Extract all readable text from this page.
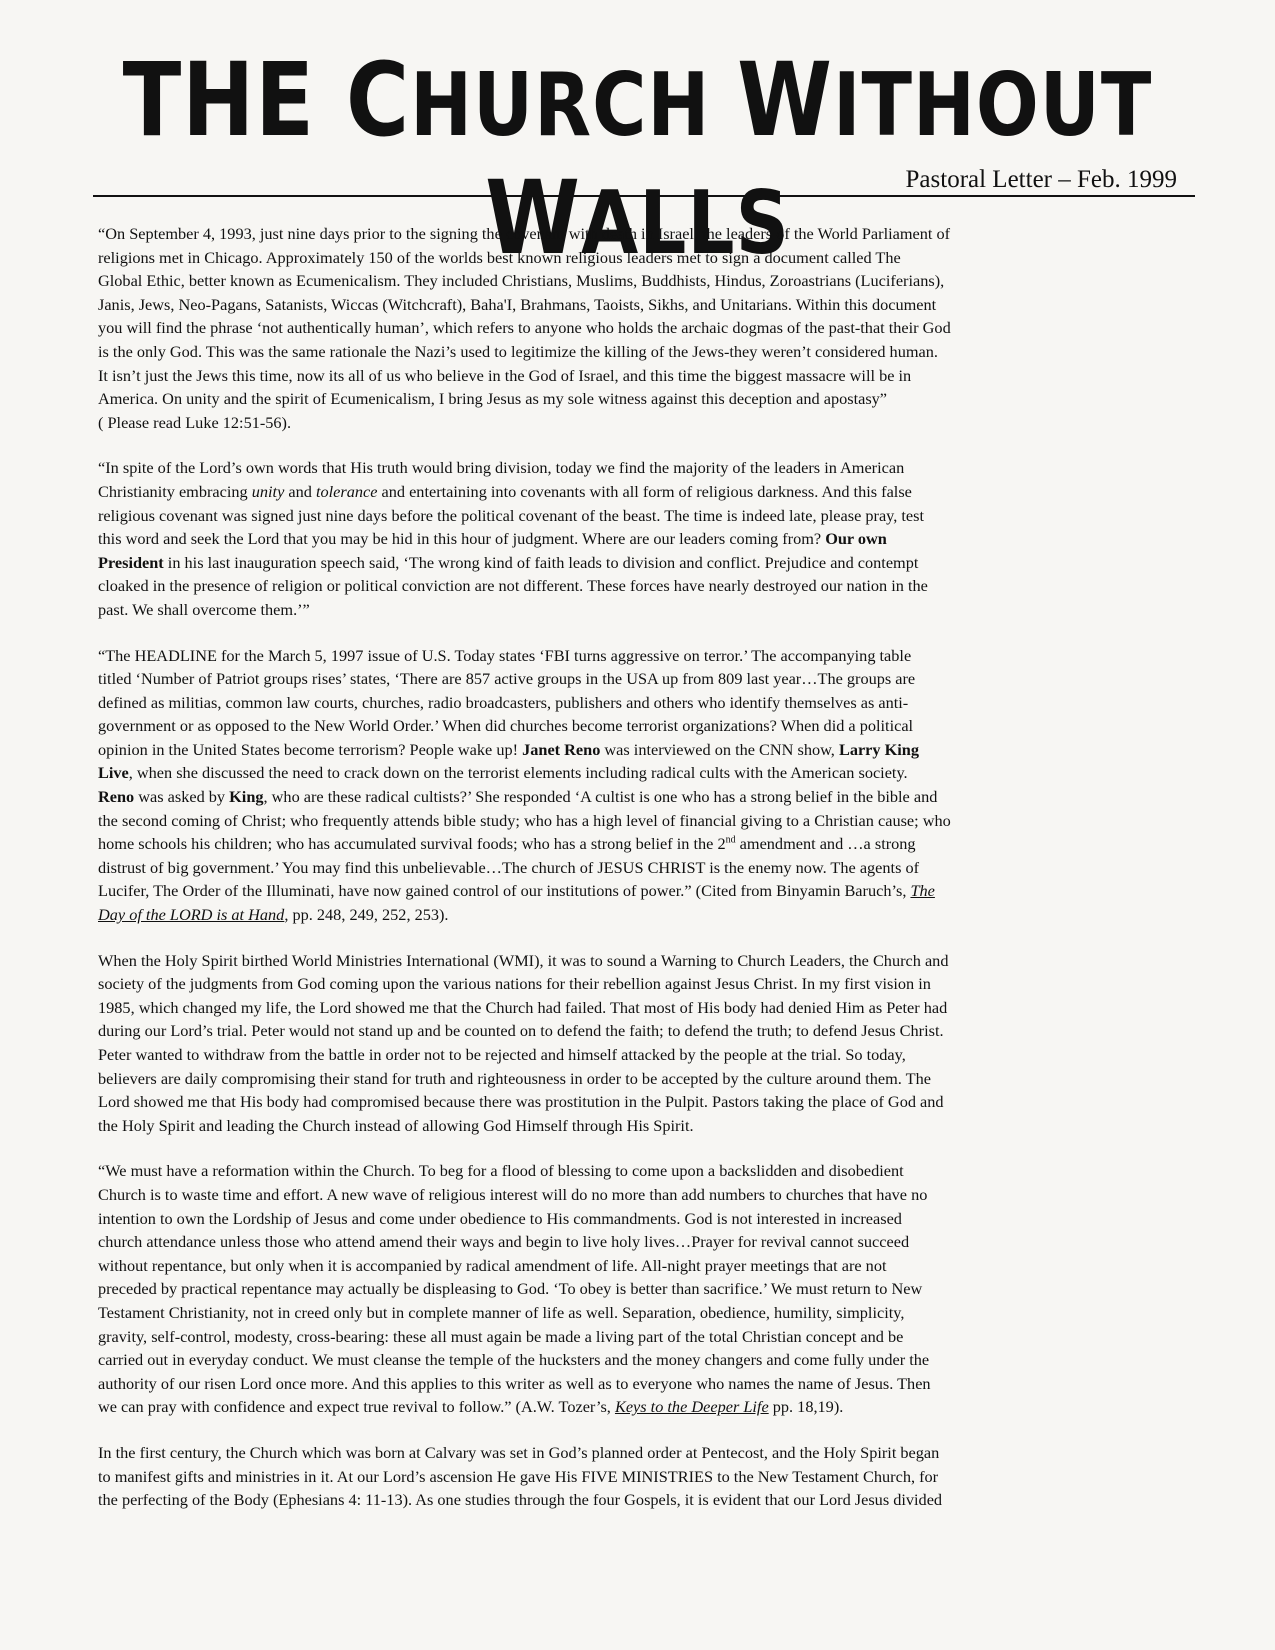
THE CHURCH WITHOUT WALLS	Pastoral Letter – Feb. 1999

“On September 4, 1993, just nine days prior to the signing the covenant with death in Israel, the leaders of the World Parliament of
religions met in Chicago. Approximately 150 of the worlds best known religious leaders met to sign a document called The
Global Ethic, better known as Ecumenicalism. They included Christians, Muslims, Buddhists, Hindus, Zoroastrians (Luciferians),
Janis, Jews, Neo-Pagans, Satanists, Wiccas (Witchcraft), Baha'I, Brahmans, Taoists, Sikhs, and Unitarians. Within this document
you will find the phrase ‘not authentically human’, which refers to anyone who holds the archaic dogmas of the past-that their God
is the only God. This was the same rationale the Nazi’s used to legitimize the killing of the Jews-they weren’t considered human.
It isn’t just the Jews this time, now its all of us who believe in the God of Israel, and this time the biggest massacre will be in
America. On unity and the spirit of Ecumenicalism, I bring Jesus as my sole witness against this deception and apostasy”
( Please read Luke 12:51-56).

“In spite of the Lord’s own words that His truth would bring division, today we find the majority of the leaders in American
Christianity embracing unity and tolerance and entertaining into covenants with all form of religious darkness. And this false
religious covenant was signed just nine days before the political covenant of the beast. The time is indeed late, please pray, test
this word and seek the Lord that you may be hid in this hour of judgment. Where are our leaders coming from? Our own
President in his last inauguration speech said, ‘The wrong kind of faith leads to division and conflict. Prejudice and contempt
cloaked in the presence of religion or political conviction are not different. These forces have nearly destroyed our nation in the
past. We shall overcome them.’”

“The HEADLINE for the March 5, 1997 issue of U.S. Today states ‘FBI turns aggressive on terror.’ The accompanying table
titled ‘Number of Patriot groups rises’ states, ‘There are 857 active groups in the USA up from 809 last year…The groups are
defined as militias, common law courts, churches, radio broadcasters, publishers and others who identify themselves as anti-
government or as opposed to the New World Order.’ When did churches become terrorist organizations? When did a political
opinion in the United States become terrorism? People wake up! Janet Reno was interviewed on the CNN show, Larry King
Live, when she discussed the need to crack down on the terrorist elements including radical cults with the American society.
Reno was asked by King, who are these radical cultists?’ She responded ‘A cultist is one who has a strong belief in the bible and
the second coming of Christ; who frequently attends bible study; who has a high level of financial giving to a Christian cause; who
home schools his children; who has accumulated survival foods; who has a strong belief in the 2nd amendment and …a strong
distrust of big government.’ You may find this unbelievable…The church of JESUS CHRIST is the enemy now. The agents of
Lucifer, The Order of the Illuminati, have now gained control of our institutions of power.” (Cited from Binyamin Baruch’s, The
Day of the LORD is at Hand, pp. 248, 249, 252, 253).

When the Holy Spirit birthed World Ministries International (WMI), it was to sound a Warning to Church Leaders, the Church and
society of the judgments from God coming upon the various nations for their rebellion against Jesus Christ. In my first vision in
1985, which changed my life, the Lord showed me that the Church had failed. That most of His body had denied Him as Peter had
during our Lord’s trial. Peter would not stand up and be counted on to defend the faith; to defend the truth; to defend Jesus Christ.
Peter wanted to withdraw from the battle in order not to be rejected and himself attacked by the people at the trial. So today,
believers are daily compromising their stand for truth and righteousness in order to be accepted by the culture around them. The
Lord showed me that His body had compromised because there was prostitution in the Pulpit. Pastors taking the place of God and
the Holy Spirit and leading the Church instead of allowing God Himself through His Spirit.

“We must have a reformation within the Church. To beg for a flood of blessing to come upon a backslidden and disobedient
Church is to waste time and effort. A new wave of religious interest will do no more than add numbers to churches that have no
intention to own the Lordship of Jesus and come under obedience to His commandments. God is not interested in increased
church attendance unless those who attend amend their ways and begin to live holy lives…Prayer for revival cannot succeed
without repentance, but only when it is accompanied by radical amendment of life. All-night prayer meetings that are not
preceded by practical repentance may actually be displeasing to God. ‘To obey is better than sacrifice.’ We must return to New
Testament Christianity, not in creed only but in complete manner of life as well. Separation, obedience, humility, simplicity,
gravity, self-control, modesty, cross-bearing: these all must again be made a living part of the total Christian concept and be
carried out in everyday conduct. We must cleanse the temple of the hucksters and the money changers and come fully under the
authority of our risen Lord once more. And this applies to this writer as well as to everyone who names the name of Jesus. Then
we can pray with confidence and expect true revival to follow.” (A.W. Tozer’s, Keys to the Deeper Life pp. 18,19).

In the first century, the Church which was born at Calvary was set in God’s planned order at Pentecost, and the Holy Spirit began
to manifest gifts and ministries in it. At our Lord’s ascension He gave His FIVE MINISTRIES to the New Testament Church, for
the perfecting of the Body (Ephesians 4: 11-13). As one studies through the four Gospels, it is evident that our Lord Jesus divided
